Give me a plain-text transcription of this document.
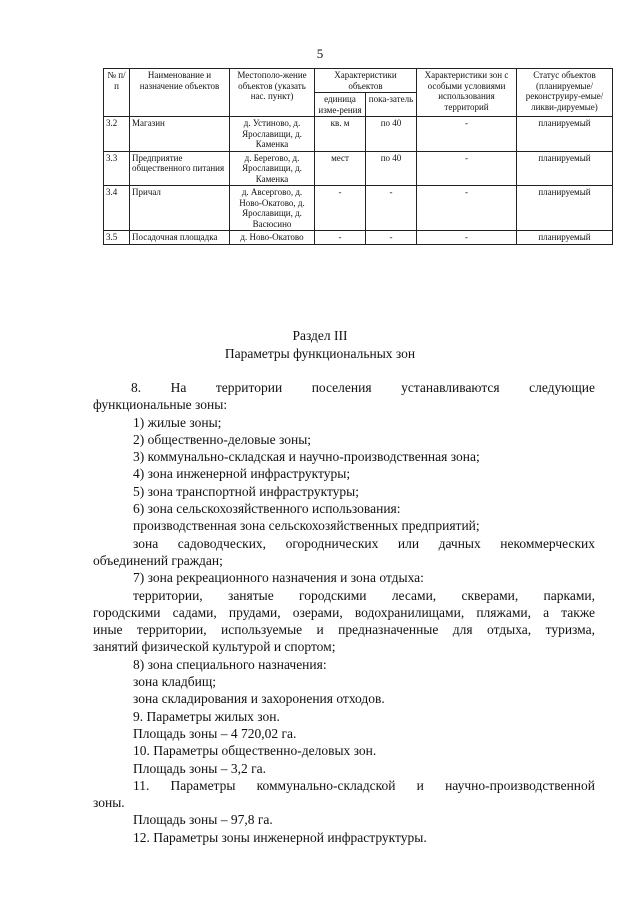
5
№ п/п	Наименование и назначение объектов	Местополо-жение объектов (указать нас. пункт)	Характеристики объектов		Характеристики зон с особыми условиями использования территорий	Статус объектов (планируемые/ реконструиру-емые/ликви-дируемые)
			единица изме-рения	пока-затель		
3.2	Магазин	д. Устиново, д. Ярославищи, д. Каменка	кв. м	по 40	-	планируемый
3.3	Предприятие общественного питания	д. Берегово, д. Ярославищи, д. Каменка	мест	по 40	-	планируемый
3.4	Причал	д. Авсергово, д. Ново-Окатово, д. Ярославищи, д. Васюсино	-	-	-	планируемый
3.5	Посадочная площадка	д. Ново-Окатово	-	-	-	планируемый
Раздел III
Параметры функциональных зон

8. На территории поселения устанавливаются следующие

функциональные зоны:

1) жилые зоны;

2) общественно-деловые зоны;

3) коммунально-складская и научно-производственная зона;

4) зона инженерной инфраструктуры;

5) зона транспортной инфраструктуры;

6) зона сельскохозяйственного использования:

производственная зона сельскохозяйственных предприятий;

зона садоводческих, огороднических или дачных некоммерческих

объединений граждан;

7) зона рекреационного назначения и зона отдыха:

территории, занятые городскими лесами, скверами, парками,

городскими садами, прудами, озерами, водохранилищами, пляжами, а также

иные территории, используемые и предназначенные для отдыха, туризма,

занятий физической культурой и спортом;

8) зона специального назначения:

зона кладбищ;

зона складирования и захоронения отходов.

9. Параметры жилых зон.

Площадь зоны – 4 720,02 га.

10. Параметры общественно-деловых зон.

Площадь зоны – 3,2 га.

11. Параметры коммунально-складской и научно-производственной

зоны.

Площадь зоны – 97,8 га.

12. Параметры зоны инженерной инфраструктуры.
